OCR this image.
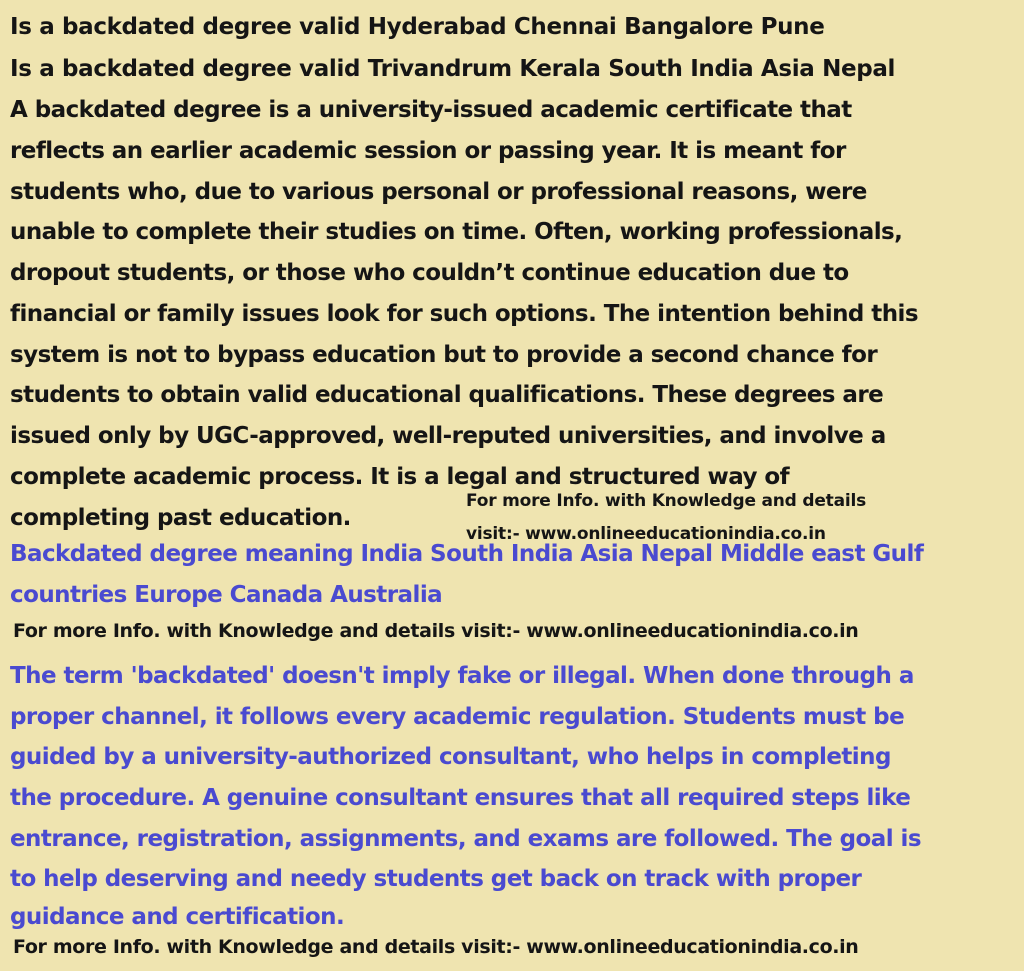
Is a backdated degree valid Hyderabad Chennai Bangalore Pune
Is a backdated degree valid Trivandrum Kerala South India Asia Nepal
A backdated degree is a university-issued academic certificate that
reflects an earlier academic session or passing year. It is meant for
students who, due to various personal or professional reasons, were
unable to complete their studies on time. Often, working professionals,
dropout students, or those who couldn’t continue education due to
financial or family issues look for such options. The intention behind this
system is not to bypass education but to provide a second chance for
students to obtain valid educational qualifications. These degrees are
issued only by UGC-approved, well-reputed universities, and involve a
complete academic process. It is a legal and structured way of
completing past education.
For more Info. with Knowledge and details
visit:- www.onlineeducationindia.co.in
Backdated degree meaning India South India Asia Nepal Middle east Gulf
countries Europe Canada Australia
For more Info. with Knowledge and details visit:- www.onlineeducationindia.co.in
The term 'backdated' doesn't imply fake or illegal. When done through a
proper channel, it follows every academic regulation. Students must be
guided by a university-authorized consultant, who helps in completing
the procedure. A genuine consultant ensures that all required steps like
entrance, registration, assignments, and exams are followed. The goal is
to help deserving and needy students get back on track with proper
guidance and certification.
For more Info. with Knowledge and details visit:- www.onlineeducationindia.co.in
